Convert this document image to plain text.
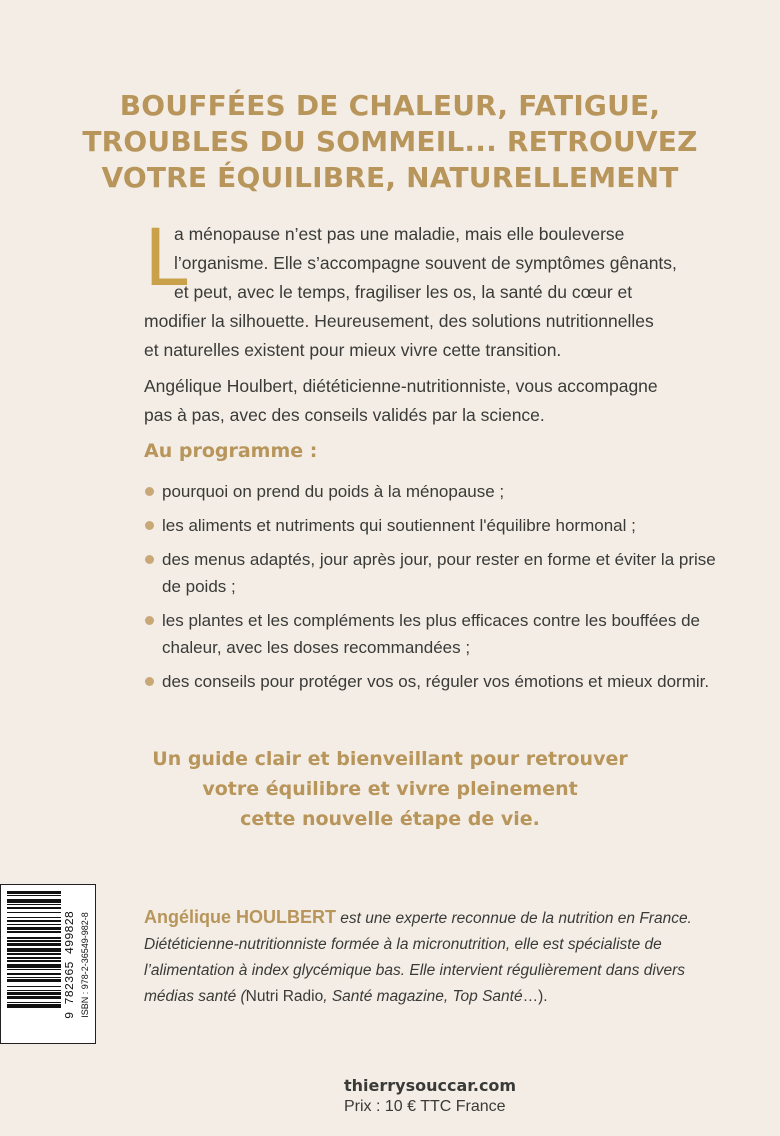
BOUFFÉES DE CHALEUR, FATIGUE,
TROUBLES DU SOMMEIL... RETROUVEZ
VOTRE ÉQUILIBRE, NATURELLEMENT
L
a ménopause n’est pas une maladie, mais elle bouleverse
l’organisme. Elle s’accompagne souvent de symptômes gênants,
et peut, avec le temps, fragiliser les os, la santé du cœur et
modifier la silhouette. Heureusement, des solutions nutritionnelles
et naturelles existent pour mieux vivre cette transition.
Angélique Houlbert, diététicienne-nutritionniste, vous accompagne
pas à pas, avec des conseils validés par la science.
Au programme :
pourquoi on prend du poids à la ménopause ;
les aliments et nutriments qui soutiennent l'équilibre hormonal ;
des menus adaptés, jour après jour, pour rester en forme et éviter la prise de poids ;
les plantes et les compléments les plus efficaces contre les bouffées de chaleur, avec les doses recommandées ;
des conseils pour protéger vos os, réguler vos émotions et mieux dormir.
Un guide clair et bienveillant pour retrouver
votre équilibre et vivre pleinement
cette nouvelle étape de vie.
9 782365 499828 ISBN : 978-2-36549-982-8	Angélique HOULBERT est une experte reconnue de la nutrition en France. Diététicienne-nutritionniste formée à la micronutrition, elle est spécialiste de l’alimentation à index glycémique bas. Elle intervient régulièrement dans divers médias santé (Nutri Radio, Santé magazine, Top Santé…).
thierrysouccar.com
Prix : 10 € TTC France
